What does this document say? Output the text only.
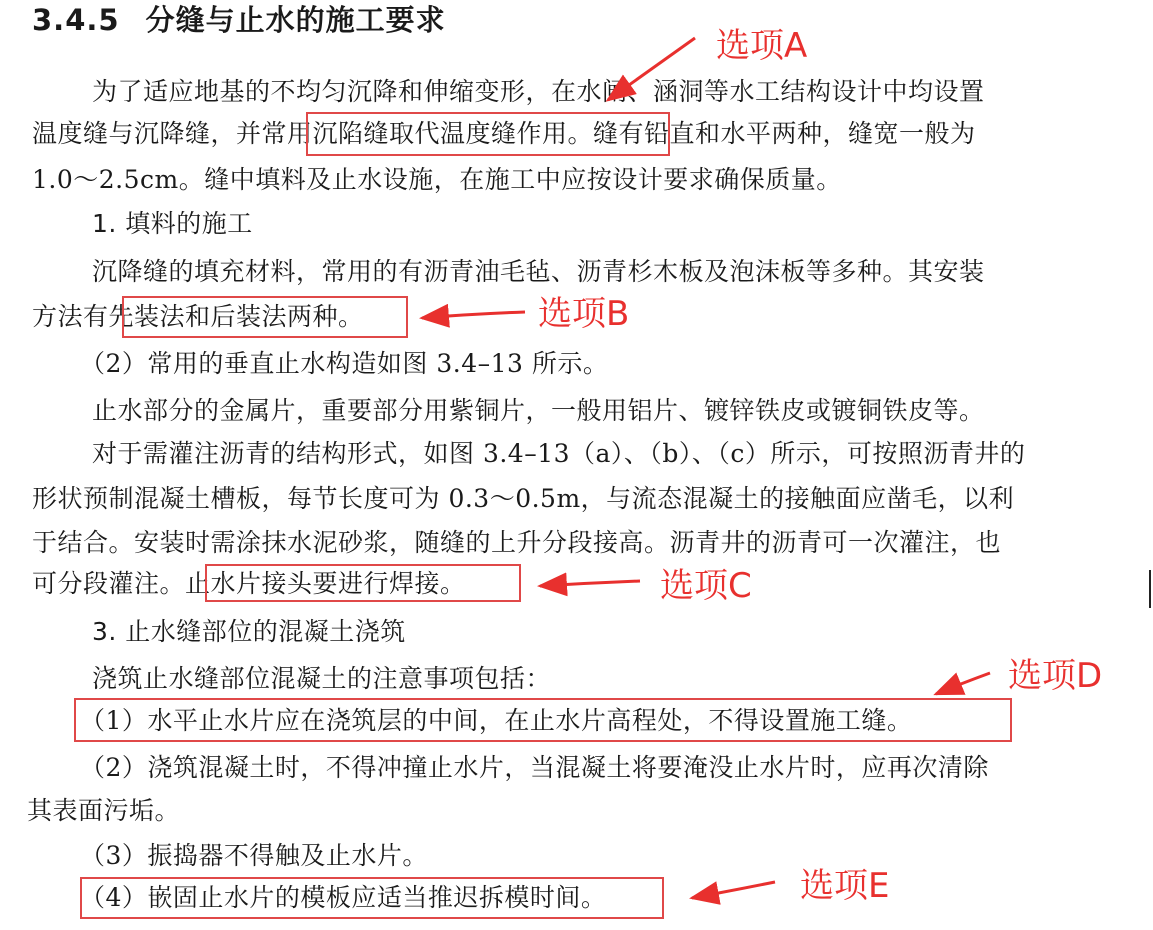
3.4.5 分缝与止水的施工要求
为了适应地基的不均匀沉降和伸缩变形，在水闸、涵洞等水工结构设计中均设置
温度缝与沉降缝，并常用沉陷缝取代温度缝作用。缝有铅直和水平两种，缝宽一般为
1.0～2.5cm。缝中填料及止水设施，在施工中应按设计要求确保质量。
1. 填料的施工
沉降缝的填充材料，常用的有沥青油毛毡、沥青杉木板及泡沫板等多种。其安装
方法有先装法和后装法两种。
（2）常用的垂直止水构造如图 3.4–13 所示。
止水部分的金属片，重要部分用紫铜片，一般用铝片、镀锌铁皮或镀铜铁皮等。
对于需灌注沥青的结构形式，如图 3.4–13（a）、（b）、（c）所示，可按照沥青井的
形状预制混凝土槽板，每节长度可为 0.3～0.5m，与流态混凝土的接触面应凿毛，以利
于结合。安装时需涂抹水泥砂浆，随缝的上升分段接高。沥青井的沥青可一次灌注，也
可分段灌注。止水片接头要进行焊接。
3. 止水缝部位的混凝土浇筑
浇筑止水缝部位混凝土的注意事项包括：
（1）水平止水片应在浇筑层的中间，在止水片高程处，不得设置施工缝。
（2）浇筑混凝土时，不得冲撞止水片，当混凝土将要淹没止水片时，应再次清除
其表面污垢。
（3）振捣器不得触及止水片。
（4）嵌固止水片的模板应适当推迟拆模时间。
选项A
选项B
选项C
选项D
选项E
